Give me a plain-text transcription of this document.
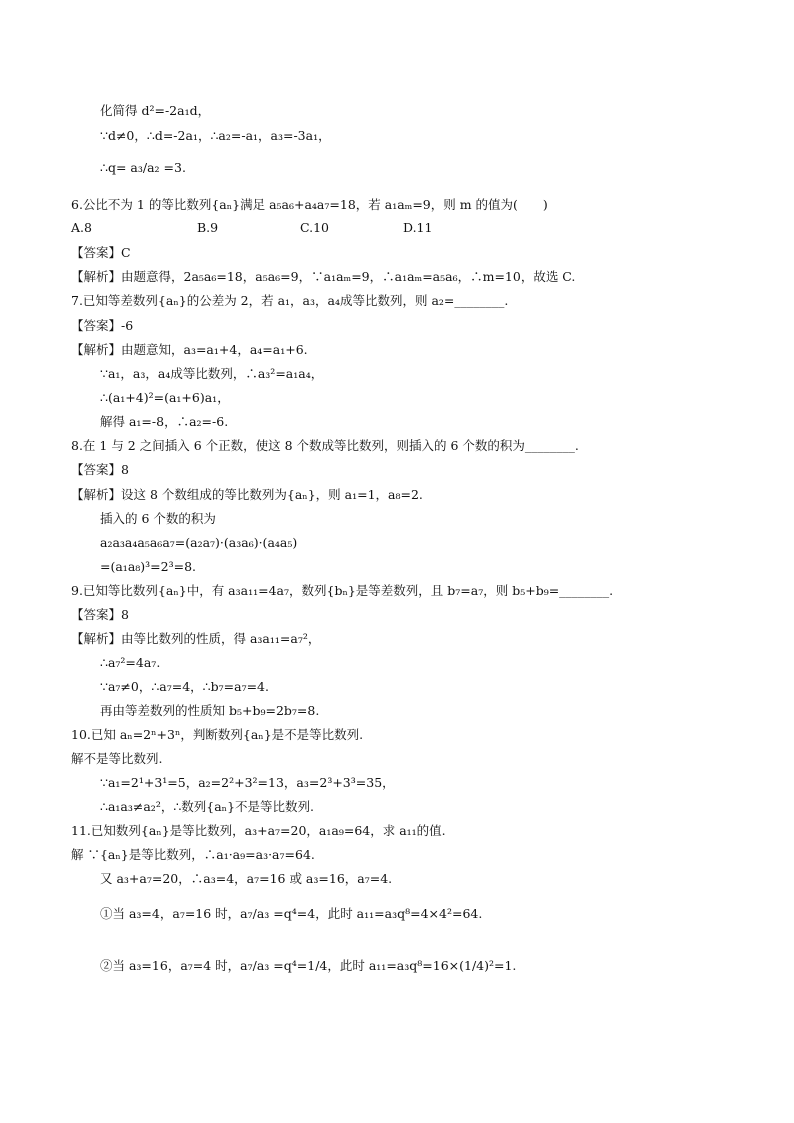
化简得 d²=-2a₁d，
∵d≠0，∴d=-2a₁，∴a₂=-a₁，a₃=-3a₁，
∴q= a₃/a₂ =3.
6.公比不为 1 的等比数列{aₙ}满足 a₅a₆+a₄a₇=18，若 a₁aₘ=9，则 m 的值为(　　)
A.8	B.9	C.10	D.11
【答案】C
【解析】由题意得，2a₅a₆=18，a₅a₆=9，∵a₁aₘ=9，∴a₁aₘ=a₅a₆，∴m=10，故选 C.
7.已知等差数列{aₙ}的公差为 2，若 a₁，a₃，a₄成等比数列，则 a₂=________.
【答案】-6
【解析】由题意知，a₃=a₁+4，a₄=a₁+6.
∵a₁，a₃，a₄成等比数列，∴a₃²=a₁a₄，
∴(a₁+4)²=(a₁+6)a₁，
解得 a₁=-8，∴a₂=-6.
8.在 1 与 2 之间插入 6 个正数，使这 8 个数成等比数列，则插入的 6 个数的积为________.
【答案】8
【解析】设这 8 个数组成的等比数列为{aₙ}，则 a₁=1，a₈=2.
插入的 6 个数的积为
a₂a₃a₄a₅a₆a₇=(a₂a₇)·(a₃a₆)·(a₄a₅)
=(a₁a₈)³=2³=8.
9.已知等比数列{aₙ}中，有 a₃a₁₁=4a₇，数列{bₙ}是等差数列，且 b₇=a₇，则 b₅+b₉=________.
【答案】8
【解析】由等比数列的性质，得 a₃a₁₁=a₇²，
∴a₇²=4a₇.
∵a₇≠0，∴a₇=4，∴b₇=a₇=4.
再由等差数列的性质知 b₅+b₉=2b₇=8.
10.已知 aₙ=2ⁿ+3ⁿ，判断数列{aₙ}是不是等比数列.
解不是等比数列.
∵a₁=2¹+3¹=5，a₂=2²+3²=13，a₃=2³+3³=35，
∴a₁a₃≠a₂²，∴数列{aₙ}不是等比数列.
11.已知数列{aₙ}是等比数列，a₃+a₇=20，a₁a₉=64，求 a₁₁的值.
解 ∵{aₙ}是等比数列，∴a₁·a₉=a₃·a₇=64.
又 a₃+a₇=20，∴a₃=4，a₇=16 或 a₃=16，a₇=4.
①当 a₃=4，a₇=16 时，a₇/a₃ =q⁴=4，此时 a₁₁=a₃q⁸=4×4²=64.
②当 a₃=16，a₇=4 时，a₇/a₃ =q⁴=1/4，此时 a₁₁=a₃q⁸=16×(1/4)²=1.
